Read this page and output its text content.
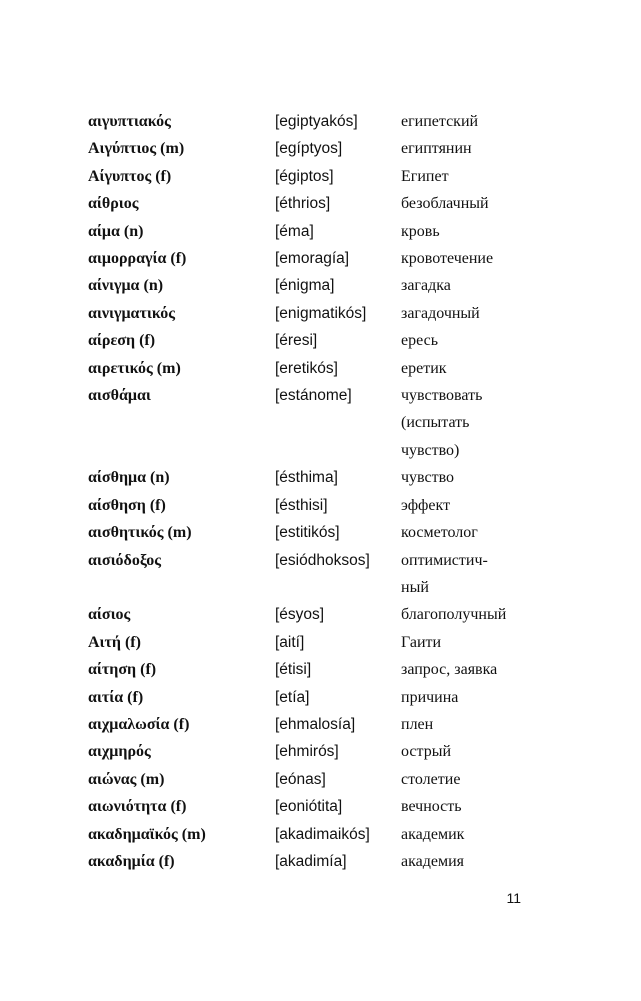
αιγυπτιακός	[egiptyakós]	египетский
Αιγύπτιος (m)	[egíptyos]	египтянин
Αίγυπτος (f)	[égiptos]	Египет
αίθριος	[éthrios]	безоблачный
αίμα (n)	[éma]	кровь
αιμορραγία (f)	[emoragía]	кровотечение
αίνιγμα (n)	[énigma]	загадка
αινιγματικός	[enigmatikós]	загадочный
αίρεση (f)	[éresi]	ересь
αιρετικός (m)	[eretikós]	еретик
αισθάμαι	[estánome]	чувствовать
(испытать
чувство)
αίσθημα (n)	[ésthima]	чувство
αίσθηση (f)	[ésthisi]	эффект
αισθητικός (m)	[estitikós]	косметолог
αισιόδοξος	[esiódhoksos]	оптимистич-
ный
αίσιος	[ésyos]	благополучный
Αιτή (f)	[aití]	Гаити
αίτηση (f)	[étisi]	запрос, заявка
αιτία (f)	[etía]	причина
αιχμαλωσία (f)	[ehmalosía]	плен
αιχμηρός	[ehmirós]	острый
αιώνας (m)	[eónas]	столетие
αιωνιότητα (f)	[eoniótita]	вечность
ακαδημαϊκός (m)	[akadimaikós]	академик
ακαδημία (f)	[akadimía]	академия
11
